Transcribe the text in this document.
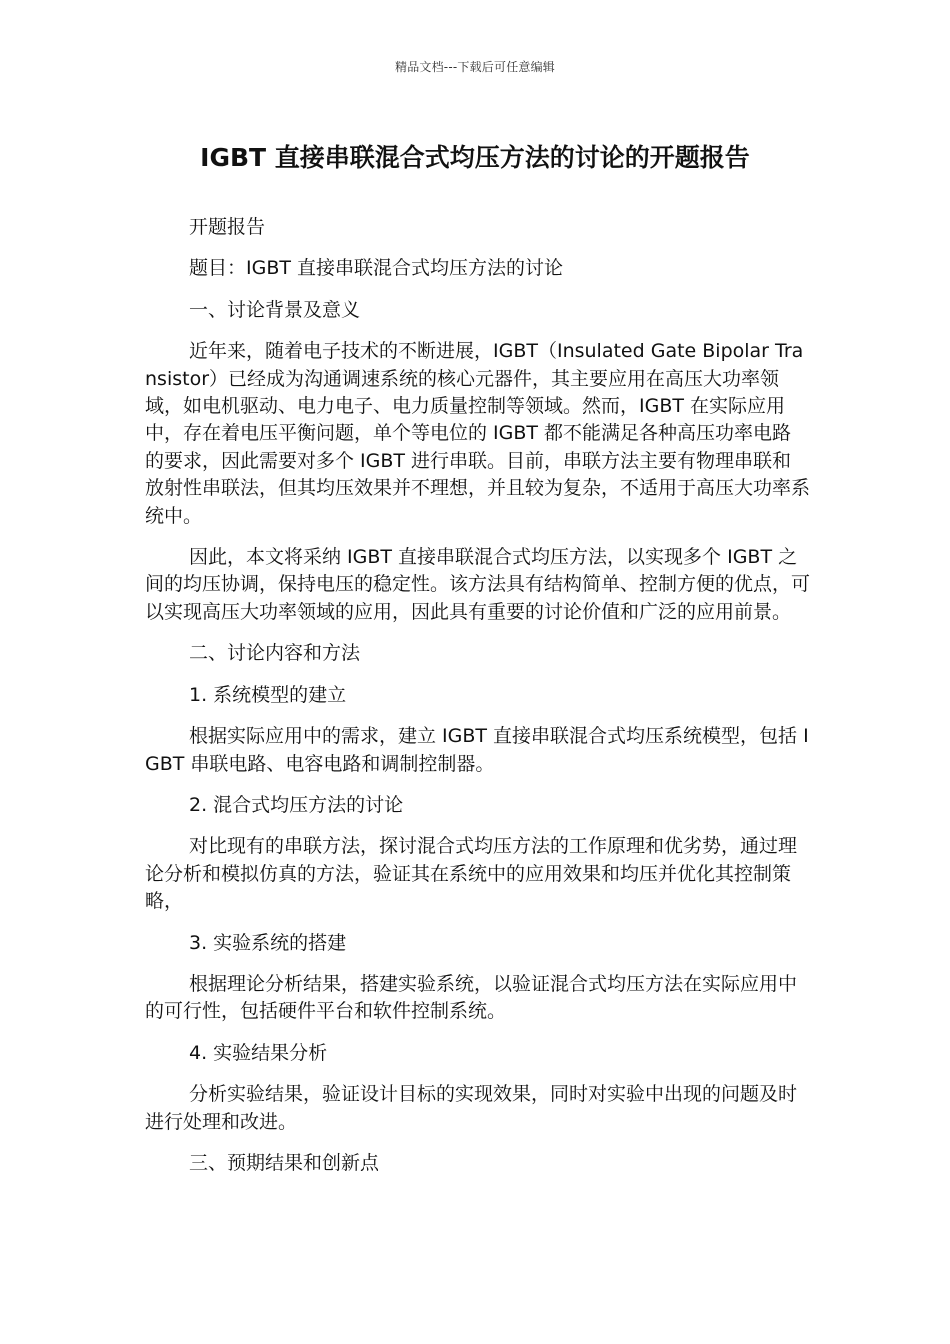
精品文档---下载后可任意编辑
IGBT 直接串联混合式均压方法的讨论的开题报告

开题报告

题目：IGBT 直接串联混合式均压方法的讨论

一、讨论背景及意义

近年来，随着电子技术的不断进展，IGBT（Insulated Gate Bipolar Transistor）已经成为沟通调速系统的核心元器件，其主要应用在高压大功率领域，如电机驱动、电力电子、电力质量控制等领域。然而，IGBT 在实际应用中，存在着电压平衡问题，单个等电位的 IGBT 都不能满足各种高压功率电路的要求，因此需要对多个 IGBT 进行串联。目前，串联方法主要有物理串联和放射性串联法，但其均压效果并不理想，并且较为复杂，不适用于高压大功率系统中。

因此，本文将采纳 IGBT 直接串联混合式均压方法，以实现多个 IGBT 之间的均压协调，保持电压的稳定性。该方法具有结构简单、控制方便的优点，可以实现高压大功率领域的应用，因此具有重要的讨论价值和广泛的应用前景。

二、讨论内容和方法

1. 系统模型的建立

根据实际应用中的需求，建立 IGBT 直接串联混合式均压系统模型，包括 IGBT 串联电路、电容电路和调制控制器。

2. 混合式均压方法的讨论

对比现有的串联方法，探讨混合式均压方法的工作原理和优劣势，通过理论分析和模拟仿真的方法，验证其在系统中的应用效果和均压并优化其控制策略，

3. 实验系统的搭建

根据理论分析结果，搭建实验系统，以验证混合式均压方法在实际应用中的可行性，包括硬件平台和软件控制系统。

4. 实验结果分析

分析实验结果，验证设计目标的实现效果，同时对实验中出现的问题及时进行处理和改进。

三、预期结果和创新点
